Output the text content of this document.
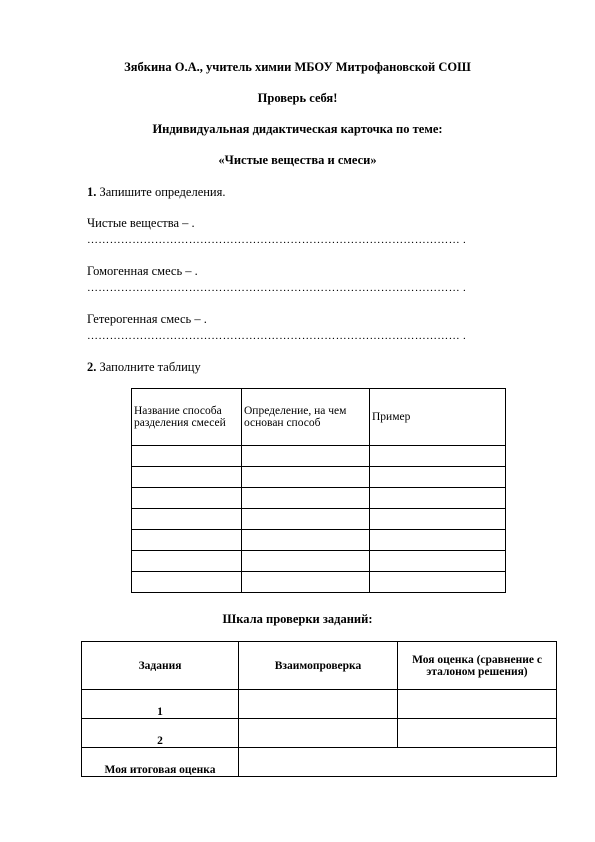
Зябкина О.А., учитель химии МБОУ Митрофановской СОШ
Проверь себя!
Индивидуальная дидактическая карточка по теме:
«Чистые вещества и смеси»
1. Запишите определения.
Чистые вещества – .
……………………………………………………………………………………… .
Гомогенная смесь – .
……………………………………………………………………………………… .
Гетерогенная смесь – .
……………………………………………………………………………………… .
2. Заполните таблицу
Название способа разделения смесей	Определение, на чем основан способ	Пример

Шкала проверки заданий:
Задания	Взаимопроверка	Моя оценка (сравнение с эталоном решения)
1		
2		
Моя итоговая оценка		
